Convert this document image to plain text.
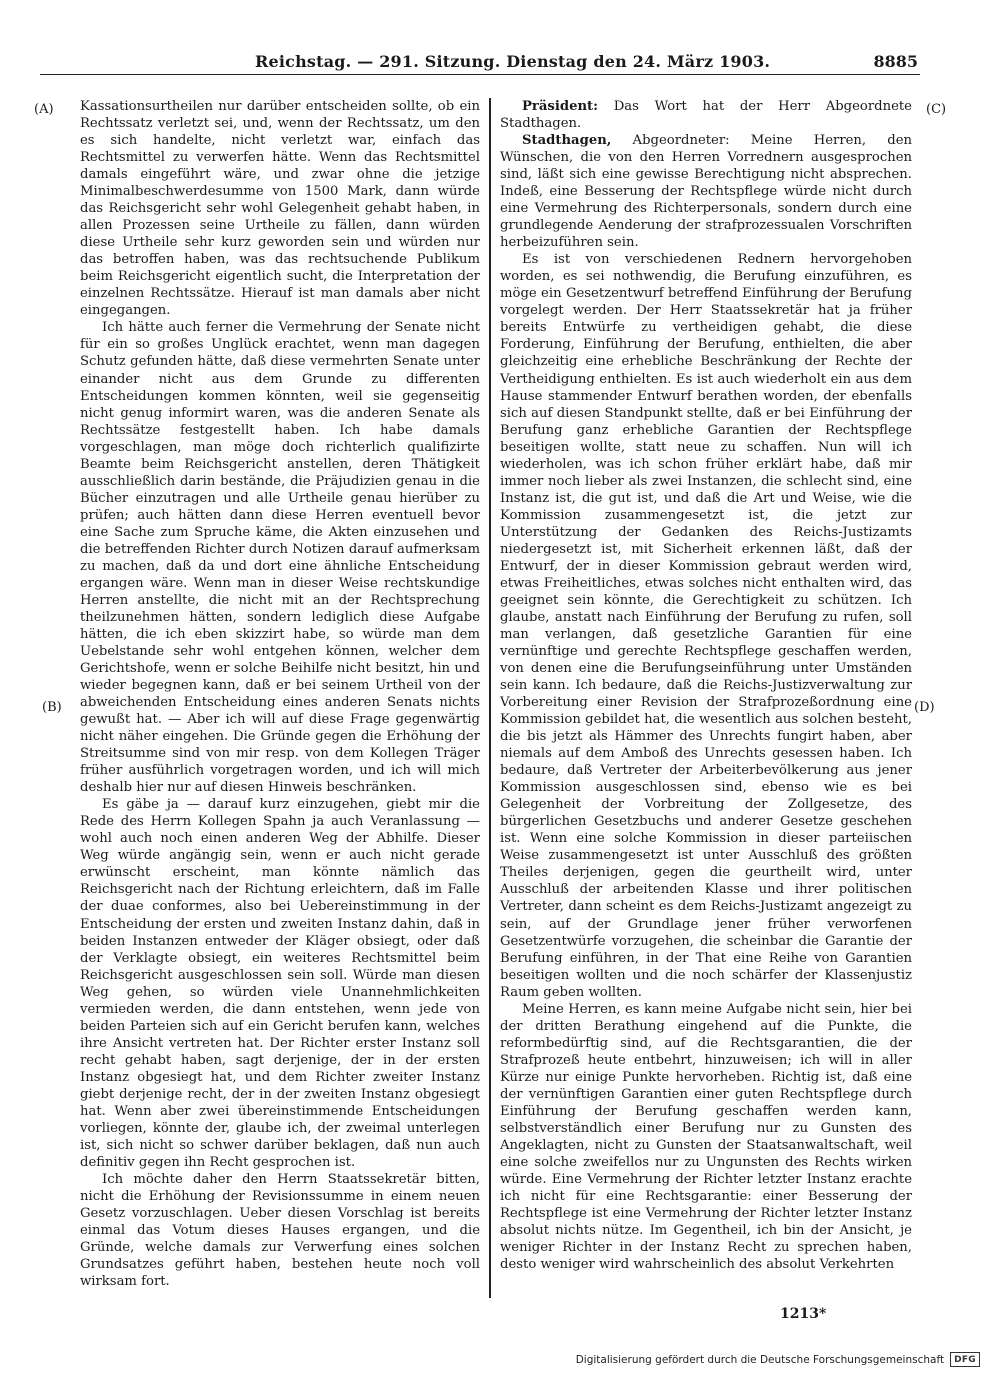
Reichstag. — 291. Sitzung. Dienstag den 24. März 1903.	8885
(A)
(B)
(C)
(D)

Kassationsurtheilen nur darüber entscheiden sollte, ob ein Rechtssatz verletzt sei, und, wenn der Rechtssatz, um den es sich handelte, nicht verletzt war, einfach das Rechtsmittel zu verwerfen hätte. Wenn das Rechtsmittel damals eingeführt wäre, und zwar ohne die jetzige Minimalbeschwerdesumme von 1500 Mark, dann würde das Reichsgericht sehr wohl Gelegenheit gehabt haben, in allen Prozessen seine Urtheile zu fällen, dann würden diese Urtheile sehr kurz geworden sein und würden nur das betroffen haben, was das rechtsuchende Publikum beim Reichsgericht eigentlich sucht, die Interpretation der einzelnen Rechtssätze. Hierauf ist man damals aber nicht eingegangen.

Ich hätte auch ferner die Vermehrung der Senate nicht für ein so großes Unglück erachtet, wenn man dagegen Schutz gefunden hätte, daß diese vermehrten Senate unter einander nicht aus dem Grunde zu differenten Entscheidungen kommen könnten, weil sie gegenseitig nicht genug informirt waren, was die anderen Senate als Rechtssätze festgestellt haben. Ich habe damals vorgeschlagen, man möge doch richterlich qualifizirte Beamte beim Reichsgericht anstellen, deren Thätigkeit ausschließlich darin bestände, die Präjudizien genau in die Bücher einzutragen und alle Urtheile genau hierüber zu prüfen; auch hätten dann diese Herren eventuell bevor eine Sache zum Spruche käme, die Akten einzusehen und die betreffenden Richter durch Notizen darauf aufmerksam zu machen, daß da und dort eine ähnliche Entscheidung ergangen wäre. Wenn man in dieser Weise rechtskundige Herren anstellte, die nicht mit an der Rechtsprechung theilzunehmen hätten, sondern lediglich diese Aufgabe hätten, die ich eben skizzirt habe, so würde man dem Uebelstande sehr wohl entgehen können, welcher dem Gerichtshofe, wenn er solche Beihilfe nicht besitzt, hin und wieder begegnen kann, daß er bei seinem Urtheil von der abweichenden Entscheidung eines anderen Senats nichts gewußt hat. — Aber ich will auf diese Frage gegenwärtig nicht näher eingehen. Die Gründe gegen die Erhöhung der Streitsumme sind von mir resp. von dem Kollegen Träger früher ausführlich vorgetragen worden, und ich will mich deshalb hier nur auf diesen Hinweis beschränken.

Es gäbe ja — darauf kurz einzugehen, giebt mir die Rede des Herrn Kollegen Spahn ja auch Veranlassung — wohl auch noch einen anderen Weg der Abhilfe. Dieser Weg würde angängig sein, wenn er auch nicht gerade erwünscht erscheint, man könnte nämlich das Reichsgericht nach der Richtung erleichtern, daß im Falle der duae conformes, also bei Uebereinstimmung in der Entscheidung der ersten und zweiten Instanz dahin, daß in beiden Instanzen entweder der Kläger obsiegt, oder daß der Verklagte obsiegt, ein weiteres Rechtsmittel beim Reichsgericht ausgeschlossen sein soll. Würde man diesen Weg gehen, so würden viele Unannehmlichkeiten vermieden werden, die dann entstehen, wenn jede von beiden Parteien sich auf ein Gericht berufen kann, welches ihre Ansicht vertreten hat. Der Richter erster Instanz soll recht gehabt haben, sagt derjenige, der in der ersten Instanz obgesiegt hat, und dem Richter zweiter Instanz giebt derjenige recht, der in der zweiten Instanz obgesiegt hat. Wenn aber zwei übereinstimmende Entscheidungen vorliegen, könnte der, glaube ich, der zweimal unterlegen ist, sich nicht so schwer darüber beklagen, daß nun auch definitiv gegen ihn Recht gesprochen ist.

Ich möchte daher den Herrn Staatssekretär bitten, nicht die Erhöhung der Revisionssumme in einem neuen Gesetz vorzuschlagen. Ueber diesen Vorschlag ist bereits einmal das Votum dieses Hauses ergangen, und die Gründe, welche damals zur Verwerfung eines solchen Grundsatzes geführt haben, bestehen heute noch voll wirksam fort.

Präsident: Das Wort hat der Herr Abgeordnete Stadthagen.

Stadthagen, Abgeordneter: Meine Herren, den Wünschen, die von den Herren Vorrednern ausgesprochen sind, läßt sich eine gewisse Berechtigung nicht absprechen. Indeß, eine Besserung der Rechtspflege würde nicht durch eine Vermehrung des Richterpersonals, sondern durch eine grundlegende Aenderung der strafprozessualen Vorschriften herbeizuführen sein.

Es ist von verschiedenen Rednern hervorgehoben worden, es sei nothwendig, die Berufung einzuführen, es möge ein Gesetzentwurf betreffend Einführung der Berufung vorgelegt werden. Der Herr Staatssekretär hat ja früher bereits Entwürfe zu vertheidigen gehabt, die diese Forderung, Einführung der Berufung, enthielten, die aber gleichzeitig eine erhebliche Beschränkung der Rechte der Vertheidigung enthielten. Es ist auch wiederholt ein aus dem Hause stammender Entwurf berathen worden, der ebenfalls sich auf diesen Standpunkt stellte, daß er bei Einführung der Berufung ganz erhebliche Garantien der Rechtspflege beseitigen wollte, statt neue zu schaffen. Nun will ich wiederholen, was ich schon früher erklärt habe, daß mir immer noch lieber als zwei Instanzen, die schlecht sind, eine Instanz ist, die gut ist, und daß die Art und Weise, wie die Kommission zusammengesetzt ist, die jetzt zur Unterstützung der Gedanken des Reichs-Justizamts niedergesetzt ist, mit Sicherheit erkennen läßt, daß der Entwurf, der in dieser Kommission gebraut werden wird, etwas Freiheitliches, etwas solches nicht enthalten wird, das geeignet sein könnte, die Gerechtigkeit zu schützen. Ich glaube, anstatt nach Einführung der Berufung zu rufen, soll man verlangen, daß gesetzliche Garantien für eine vernünftige und gerechte Rechtspflege geschaffen werden, von denen eine die Berufungseinführung unter Umständen sein kann. Ich bedaure, daß die Reichs-Justizverwaltung zur Vorbereitung einer Revision der Strafprozeßordnung eine Kommission gebildet hat, die wesentlich aus solchen besteht, die bis jetzt als Hämmer des Unrechts fungirt haben, aber niemals auf dem Amboß des Unrechts gesessen haben. Ich bedaure, daß Vertreter der Arbeiterbevölkerung aus jener Kommission ausgeschlossen sind, ebenso wie es bei Gelegenheit der Vorbreitung der Zollgesetze, des bürgerlichen Gesetzbuchs und anderer Gesetze geschehen ist. Wenn eine solche Kommission in dieser parteiischen Weise zusammengesetzt ist unter Ausschluß des größten Theiles derjenigen, gegen die geurtheilt wird, unter Ausschluß der arbeitenden Klasse und ihrer politischen Vertreter, dann scheint es dem Reichs-Justizamt angezeigt zu sein, auf der Grundlage jener früher verworfenen Gesetzentwürfe vorzugehen, die scheinbar die Garantie der Berufung einführen, in der That eine Reihe von Garantien beseitigen wollten und die noch schärfer der Klassenjustiz Raum geben wollten.

Meine Herren, es kann meine Aufgabe nicht sein, hier bei der dritten Berathung eingehend auf die Punkte, die reformbedürftig sind, auf die Rechtsgarantien, die der Strafprozeß heute entbehrt, hinzuweisen; ich will in aller Kürze nur einige Punkte hervorheben. Richtig ist, daß eine der vernünftigen Garantien einer guten Rechtspflege durch Einführung der Berufung geschaffen werden kann, selbstverständlich einer Berufung nur zu Gunsten des Angeklagten, nicht zu Gunsten der Staatsanwaltschaft, weil eine solche zweifellos nur zu Ungunsten des Rechts wirken würde. Eine Vermehrung der Richter letzter Instanz erachte ich nicht für eine Rechtsgarantie: einer Besserung der Rechtspflege ist eine Vermehrung der Richter letzter Instanz absolut nichts nütze. Im Gegentheil, ich bin der Ansicht, je weniger Richter in der Instanz Recht zu sprechen haben, desto weniger wird wahrscheinlich des absolut Verkehrten

1213*
Digitalisierung gefördert durch die Deutsche Forschungsgemeinschaft	DFG
